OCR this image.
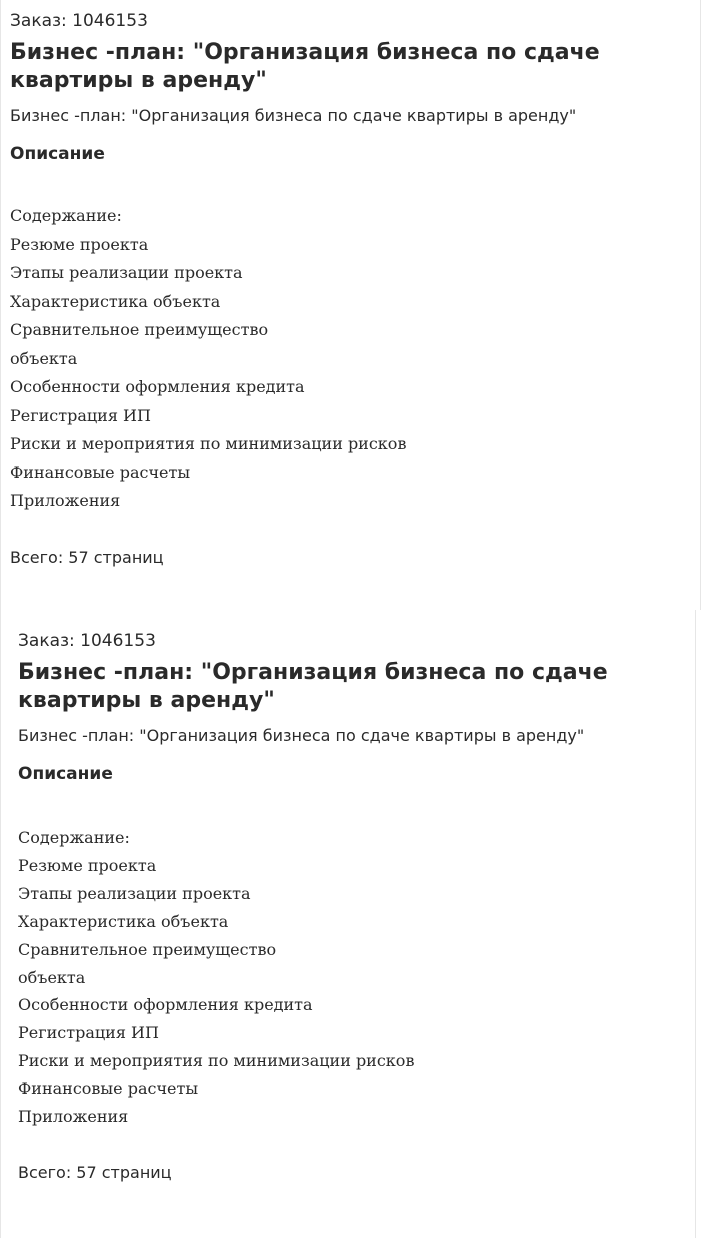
Заказ: 1046153
Бизнес -план: "Организация бизнеса по сдаче квартиры в аренду"
Бизнес -план: "Организация бизнеса по сдаче квартиры в аренду"
Описание
Содержание:
Резюме проекта
Этапы реализации проекта
Характеристика объекта
Сравнительное преимущество
объекта
Особенности оформления кредита
Регистрация ИП
Риски и мероприятия по минимизации рисков
Финансовые расчеты
Приложения
Всего: 57 страниц
Заказ: 1046153
Бизнес -план: "Организация бизнеса по сдаче квартиры в аренду"
Бизнес -план: "Организация бизнеса по сдаче квартиры в аренду"
Описание
Содержание:
Резюме проекта
Этапы реализации проекта
Характеристика объекта
Сравнительное преимущество
объекта
Особенности оформления кредита
Регистрация ИП
Риски и мероприятия по минимизации рисков
Финансовые расчеты
Приложения
Всего: 57 страниц
